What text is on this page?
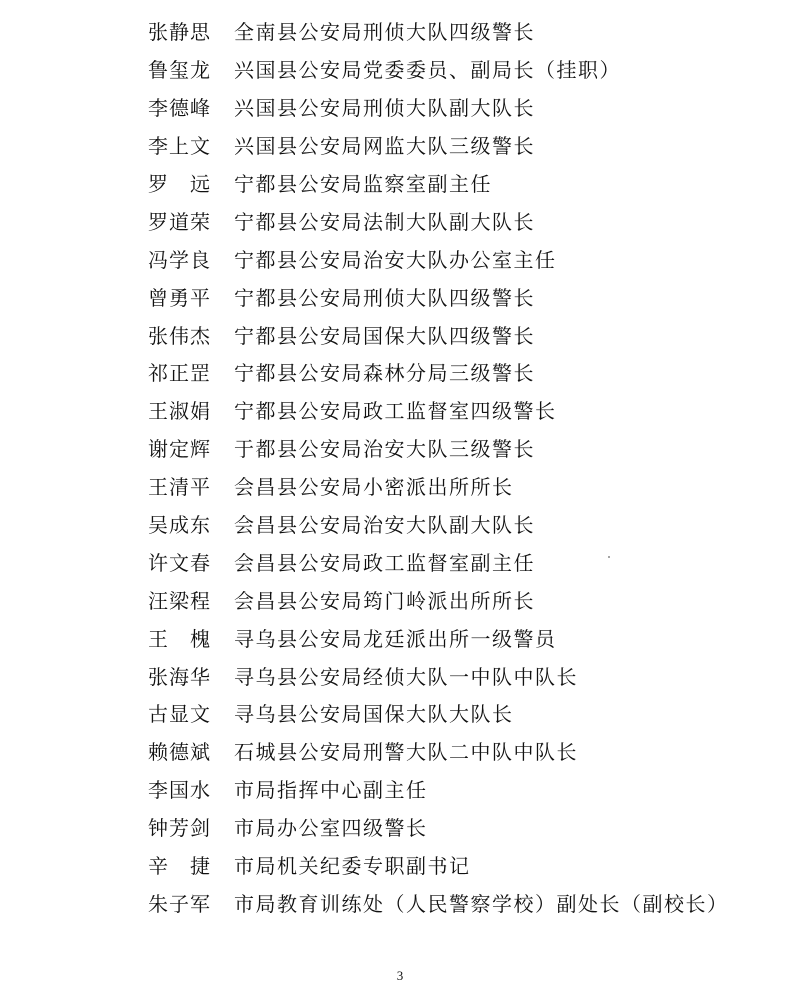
张静思	全南县公安局刑侦大队四级警长
鲁玺龙	兴国县公安局党委委员、副局长（挂职）
李德峰	兴国县公安局刑侦大队副大队长
李上文	兴国县公安局网监大队三级警长
罗远 宁都县公安局监察室副主任
罗道荣	宁都县公安局法制大队副大队长
冯学良	宁都县公安局治安大队办公室主任
曾勇平	宁都县公安局刑侦大队四级警长
张伟杰	宁都县公安局国保大队四级警长
祁正罡	宁都县公安局森林分局三级警长
王淑娟	宁都县公安局政工监督室四级警长
谢定辉	于都县公安局治安大队三级警长
王清平	会昌县公安局小密派出所所长
吴成东	会昌县公安局治安大队副大队长
许文春	会昌县公安局政工监督室副主任
汪梁程	会昌县公安局筠门岭派出所所长
王槐 寻乌县公安局龙廷派出所一级警员
张海华	寻乌县公安局经侦大队一中队中队长
古显文	寻乌县公安局国保大队大队长
赖德斌	石城县公安局刑警大队二中队中队长
李国水	市局指挥中心副主任
钟芳剑	市局办公室四级警长
辛捷 市局机关纪委专职副书记
朱子军	市局教育训练处（人民警察学校）副处长（副校长）
3
